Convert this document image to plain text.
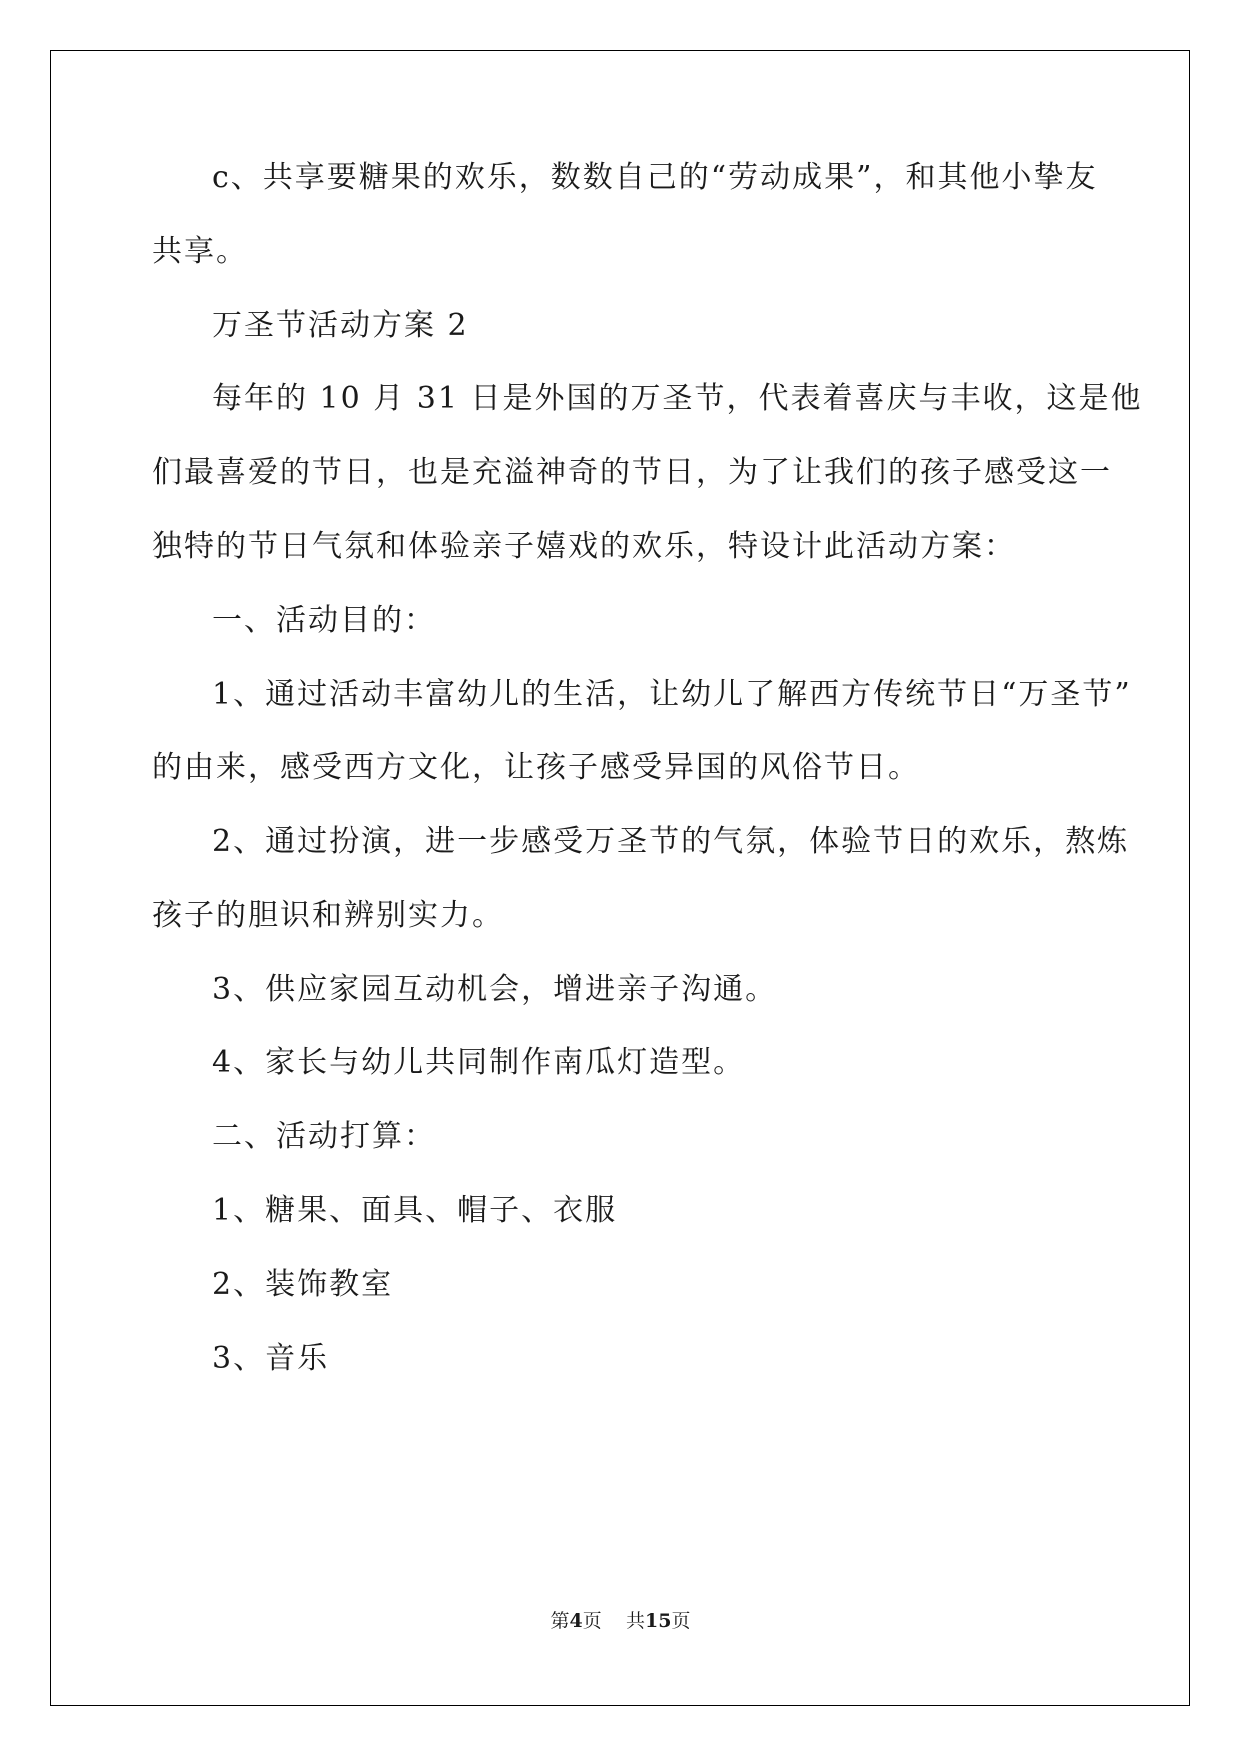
c、共享要糖果的欢乐，数数自己的“劳动成果”，和其他小挚友
共享。
万圣节活动方案 2
每年的 10 月 31 日是外国的万圣节，代表着喜庆与丰收，这是他
们最喜爱的节日，也是充溢神奇的节日，为了让我们的孩子感受这一
独特的节日气氛和体验亲子嬉戏的欢乐，特设计此活动方案：
一、活动目的：
1、通过活动丰富幼儿的生活，让幼儿了解西方传统节日“万圣节”
的由来，感受西方文化，让孩子感受异国的风俗节日。
2、通过扮演，进一步感受万圣节的气氛，体验节日的欢乐，熬炼
孩子的胆识和辨别实力。
3、供应家园互动机会，增进亲子沟通。
4、家长与幼儿共同制作南瓜灯造型。
二、活动打算：
1、糖果、面具、帽子、衣服
2、装饰教室
3、音乐
第4页 共15页
